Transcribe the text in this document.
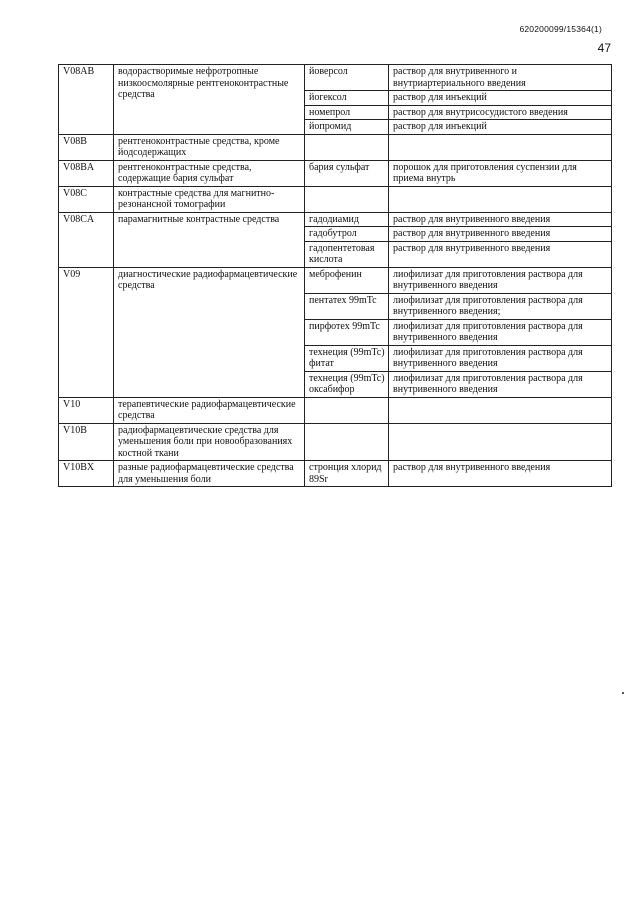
620200099/15364(1)
47
V08AB	водорастворимые нефротропные низкоосмолярные рентгеноконтрастные средства	йоверсол	раствор для внутривенного и внутриартериального введения
		йогексол	раствор для инъекций
		номепрол	раствор для внутрисосудистого введения
		йопромид	раствор для инъекций
V08B	рентгеноконтрастные средства, кроме йодсодержащих		
V08BA	рентгеноконтрастные средства, содержащие бария сульфат	бария сульфат	порошок для приготовления суспензии для приема внутрь
V08C	контрастные средства для магнитно-резонансной томографии		
V08CA	парамагнитные контрастные средства	гадодиамид	раствор для внутривенного введения
		гадобутрол	раствор для внутривенного введения
		гадопентетовая кислота	раствор для внутривенного введения
V09	диагностические радиофармацевтические средства	меброфенин	лиофилизат для приготовления раствора для внутривенного введения
		пентатех 99mTc	лиофилизат для приготовления раствора для внутривенного введения;
		пирфотех 99mTc	лиофилизат для приготовления раствора для внутривенного введения
		технеция (99mTc) фитат	лиофилизат для приготовления раствора для внутривенного введения
		технеция (99mTc) оксабифор	лиофилизат для приготовления раствора для внутривенного введения
V10	терапевтические радиофармацевтические средства		
V10B	радиофармацевтические средства для уменьшения боли при новообразованиях костной ткани		
V10BX	разные радиофармацевтические средства для уменьшения боли	стронция хлорид 89Sr	раствор для внутривенного введения
